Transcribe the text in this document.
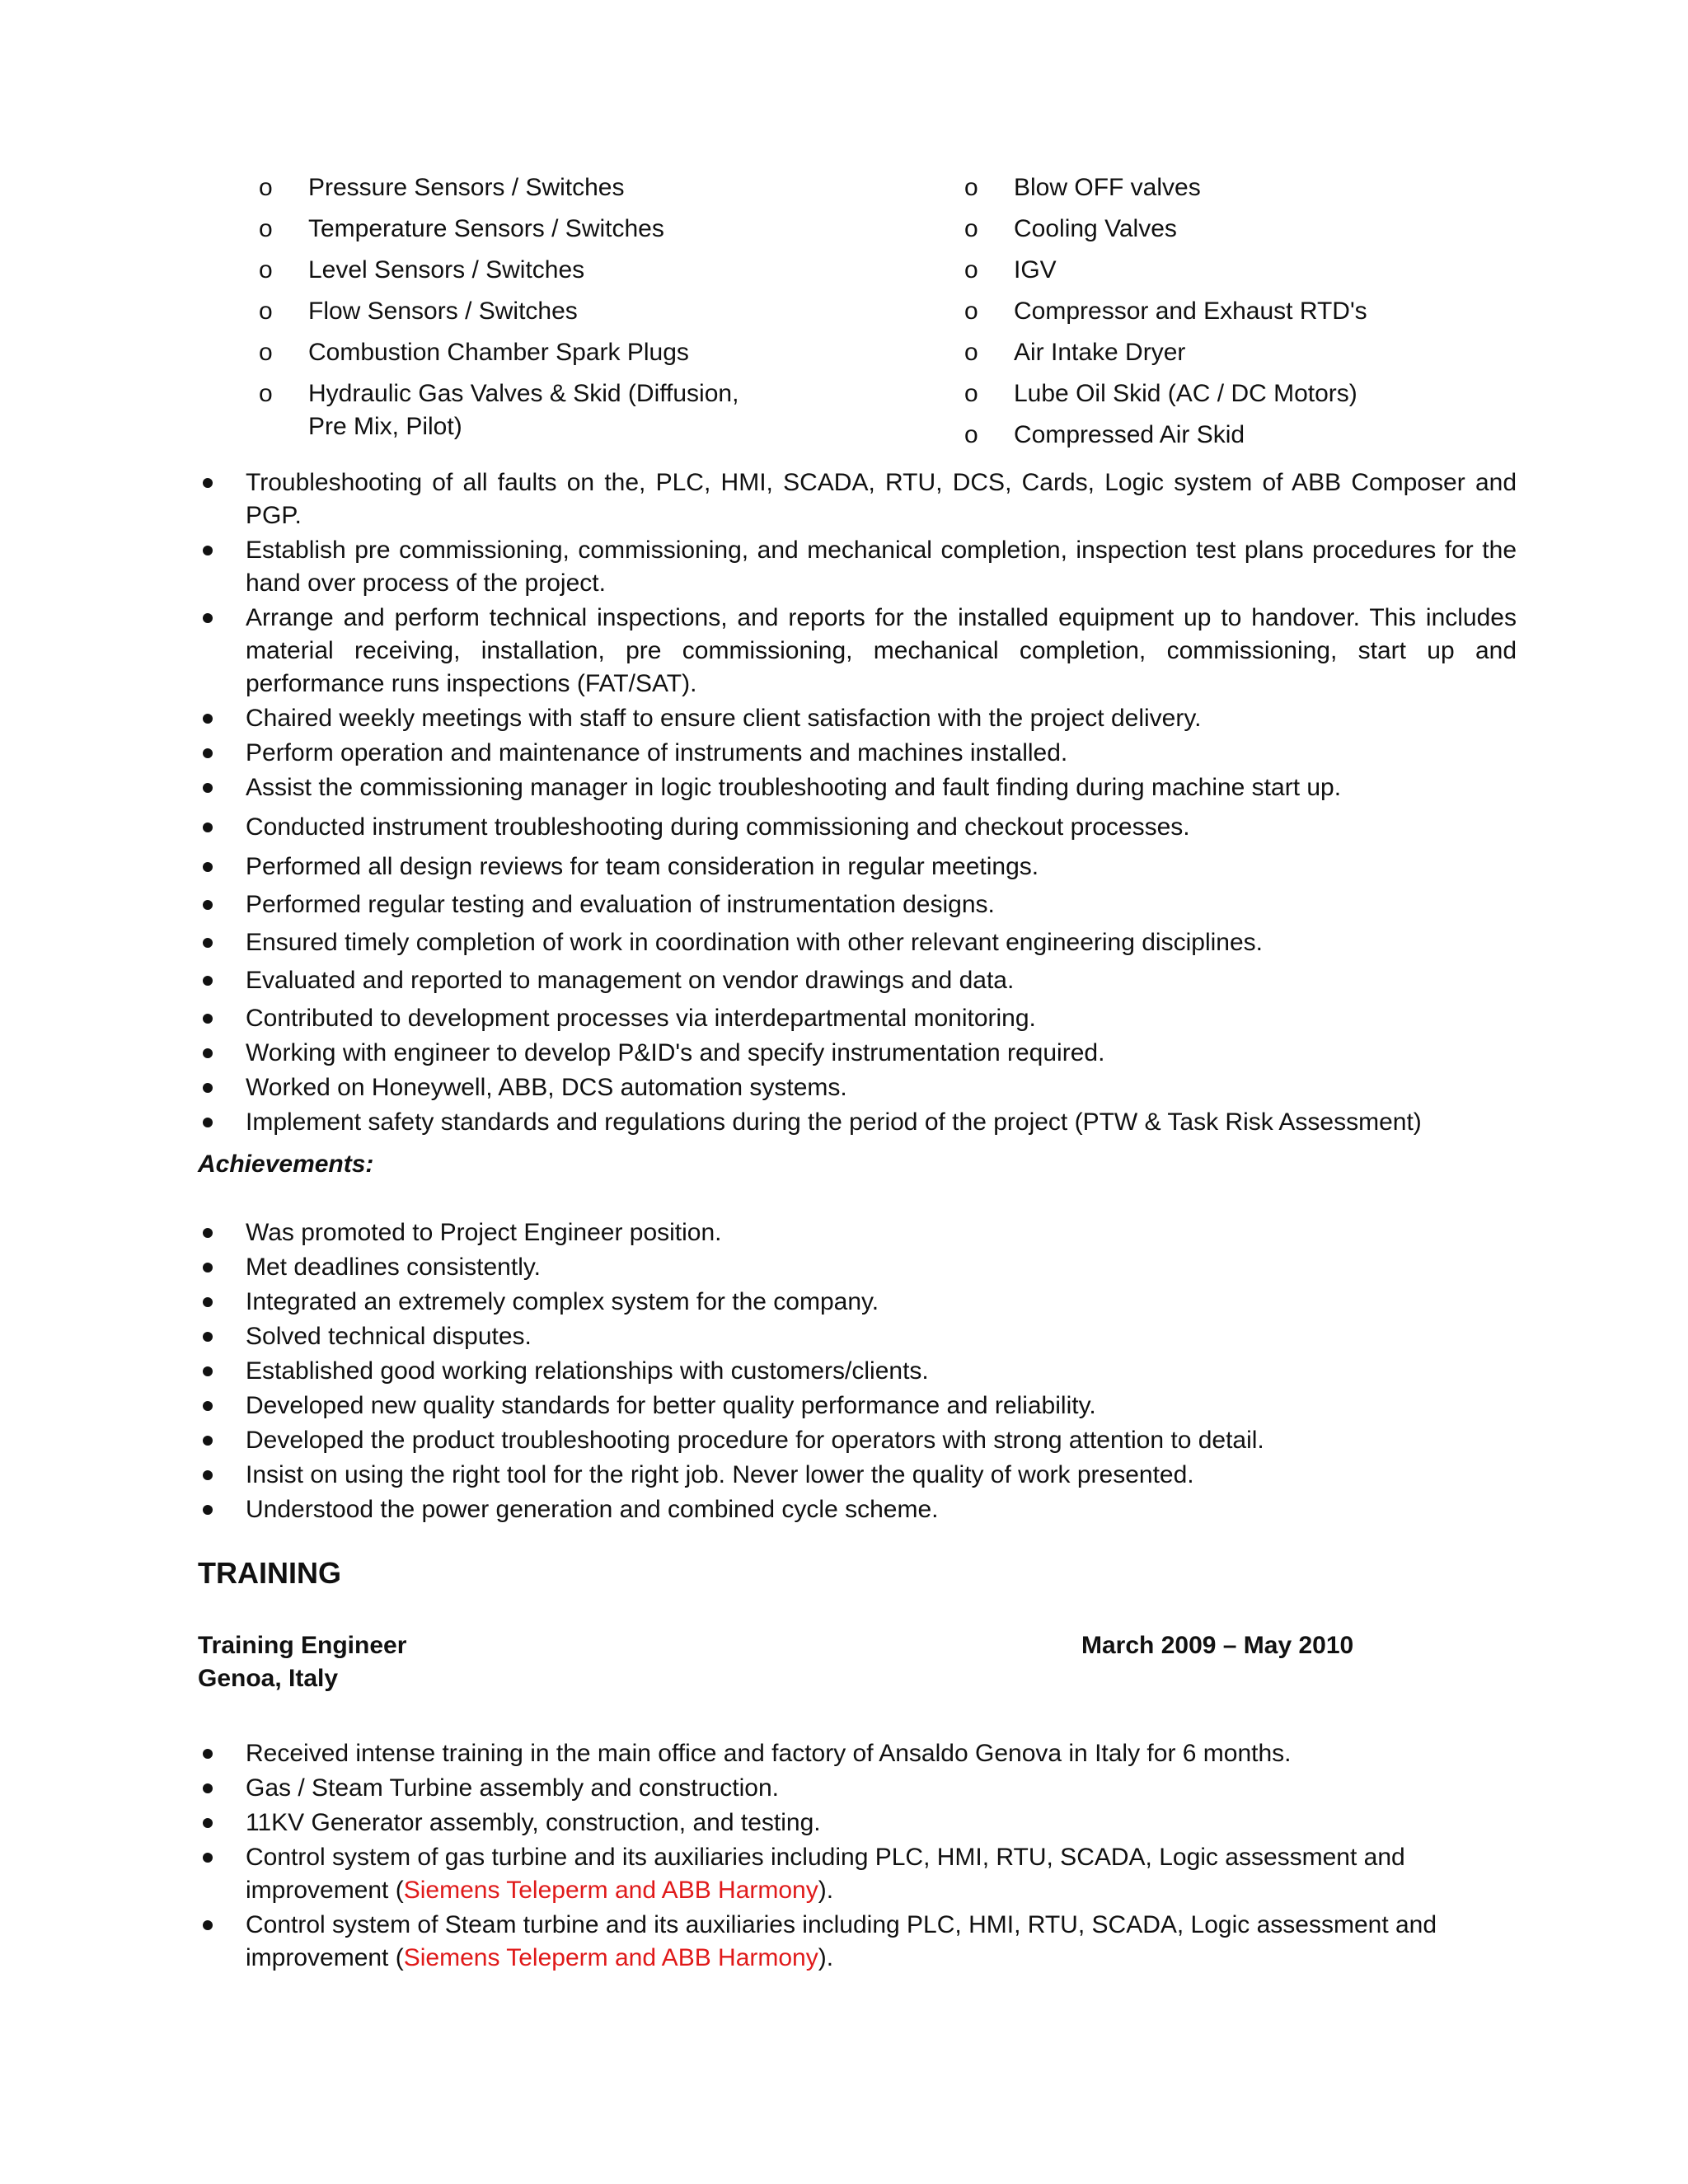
o Pressure Sensors / Switches
o Temperature Sensors / Switches
o Level Sensors / Switches
o Flow Sensors / Switches
o Combustion Chamber Spark Plugs
o Hydraulic Gas Valves & Skid (Diffusion,
Pre Mix, Pilot)
o Blow OFF valves
o Cooling Valves
o IGV
o Compressor and Exhaust RTD's
o Air Intake Dryer
o Lube Oil Skid (AC / DC Motors)
o Compressed Air Skid
Troubleshooting of all faults on the, PLC, HMI, SCADA, RTU, DCS, Cards, Logic system of ABB Composer and PGP.
Establish pre commissioning, commissioning, and mechanical completion, inspection test plans procedures for the hand over process of the project.
Arrange and perform technical inspections, and reports for the installed equipment up to handover. This includes material receiving, installation, pre commissioning, mechanical completion, commissioning, start up and performance runs inspections (FAT/SAT).
Chaired weekly meetings with staff to ensure client satisfaction with the project delivery.
Perform operation and maintenance of instruments and machines installed.
Assist the commissioning manager in logic troubleshooting and fault finding during machine start up.
Conducted instrument troubleshooting during commissioning and checkout processes.
Performed all design reviews for team consideration in regular meetings.
Performed regular testing and evaluation of instrumentation designs.
Ensured timely completion of work in coordination with other relevant engineering disciplines.
Evaluated and reported to management on vendor drawings and data.
Contributed to development processes via interdepartmental monitoring.
Working with engineer to develop P&ID's and specify instrumentation required.
Worked on Honeywell, ABB, DCS automation systems.
Implement safety standards and regulations during the period of the project (PTW & Task Risk Assessment)
Achievements:
Was promoted to Project Engineer position.
Met deadlines consistently.
Integrated an extremely complex system for the company.
Solved technical disputes.
Established good working relationships with customers/clients.
Developed new quality standards for better quality performance and reliability.
Developed the product troubleshooting procedure for operators with strong attention to detail.
Insist on using the right tool for the right job. Never lower the quality of work presented.
Understood the power generation and combined cycle scheme.
TRAINING
Training Engineer	March 2009 – May 2010
Genoa, Italy
Received intense training in the main office and factory of Ansaldo Genova in Italy for 6 months.
Gas / Steam Turbine assembly and construction.
11KV Generator assembly, construction, and testing.
Control system of gas turbine and its auxiliaries including PLC, HMI, RTU, SCADA, Logic assessment and improvement (Siemens Teleperm and ABB Harmony).
Control system of Steam turbine and its auxiliaries including PLC, HMI, RTU, SCADA, Logic assessment and improvement (Siemens Teleperm and ABB Harmony).
